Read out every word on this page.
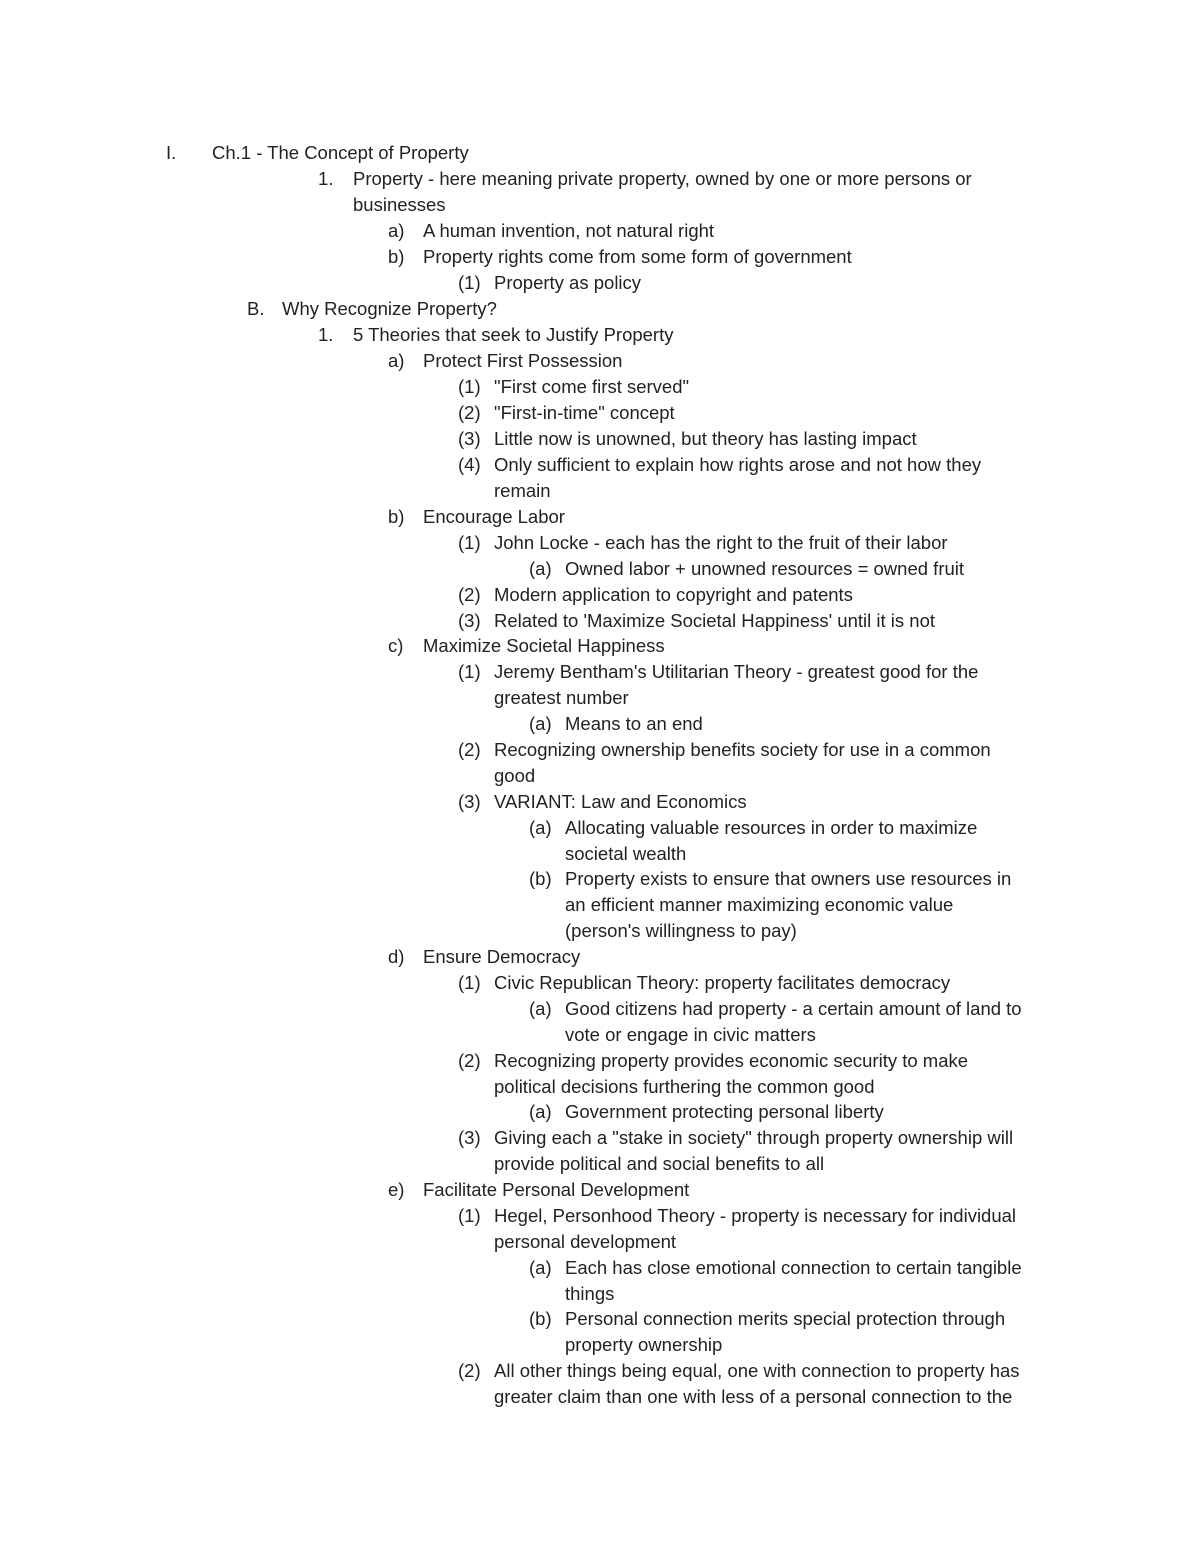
I. Ch.1 - The Concept of Property
1. Property - here meaning private property, owned by one or more persons or
businesses
a) A human invention, not natural right
b) Property rights come from some form of government
(1) Property as policy
B. Why Recognize Property?
1. 5 Theories that seek to Justify Property
a) Protect First Possession
(1) "First come first served"
(2) "First-in-time" concept
(3) Little now is unowned, but theory has lasting impact
(4) Only sufficient to explain how rights arose and not how they
remain
b) Encourage Labor
(1) John Locke - each has the right to the fruit of their labor
(a) Owned labor + unowned resources = owned fruit
(2) Modern application to copyright and patents
(3) Related to 'Maximize Societal Happiness' until it is not
c) Maximize Societal Happiness
(1) Jeremy Bentham's Utilitarian Theory - greatest good for the
greatest number
(a) Means to an end
(2) Recognizing ownership benefits society for use in a common
good
(3) VARIANT: Law and Economics
(a) Allocating valuable resources in order to maximize
societal wealth
(b) Property exists to ensure that owners use resources in
an efficient manner maximizing economic value
(person's willingness to pay)
d) Ensure Democracy
(1) Civic Republican Theory: property facilitates democracy
(a) Good citizens had property - a certain amount of land to
vote or engage in civic matters
(2) Recognizing property provides economic security to make
political decisions furthering the common good
(a) Government protecting personal liberty
(3) Giving each a "stake in society" through property ownership will
provide political and social benefits to all
e) Facilitate Personal Development
(1) Hegel, Personhood Theory - property is necessary for individual
personal development
(a) Each has close emotional connection to certain tangible
things
(b) Personal connection merits special protection through
property ownership
(2) All other things being equal, one with connection to property has
greater claim than one with less of a personal connection to the
